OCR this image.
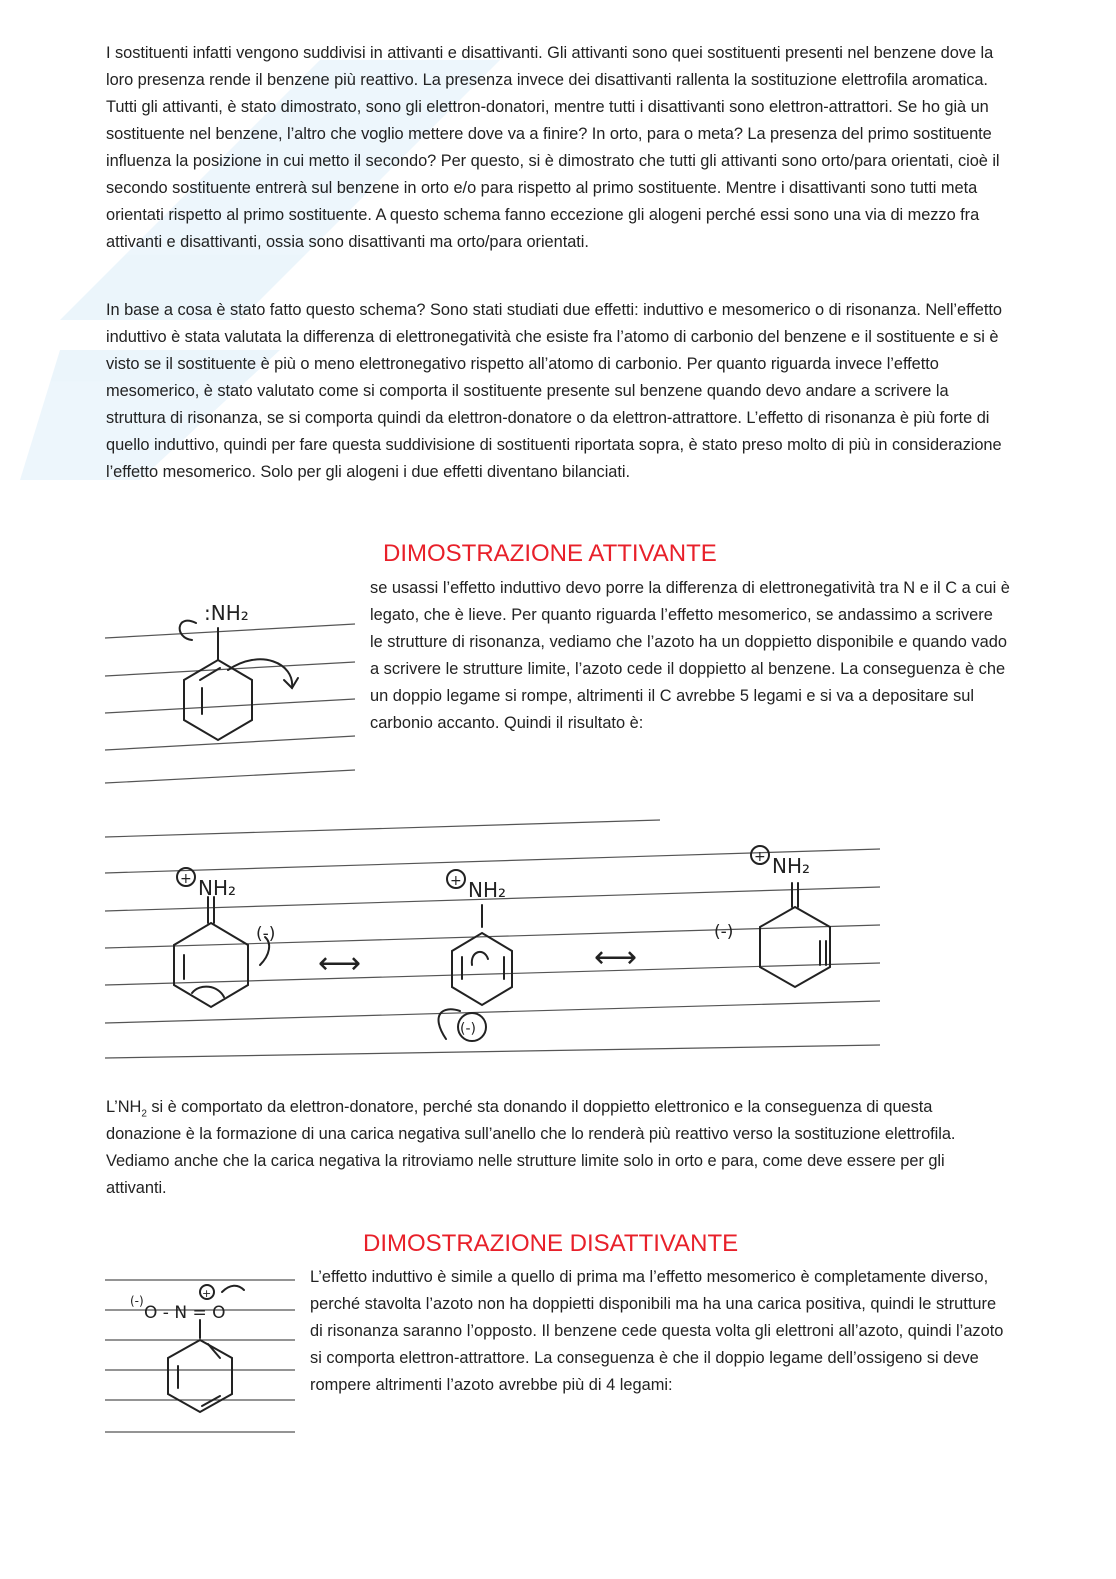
I sostituenti infatti vengono suddivisi in attivanti e disattivanti. Gli attivanti sono quei sostituenti presenti nel benzene dove la loro presenza rende il benzene più reattivo. La presenza invece dei disattivanti rallenta la sostituzione elettrofila aromatica. Tutti gli attivanti, è stato dimostrato, sono gli elettron-donatori, mentre tutti i disattivanti sono elettron-attrattori. Se ho già un sostituente nel benzene, l’altro che voglio mettere dove va a finire? In orto, para o meta? La presenza del primo sostituente influenza la posizione in cui metto il secondo? Per questo, si è dimostrato che tutti gli attivanti sono orto/para orientati, cioè il secondo sostituente entrerà sul benzene in orto e/o para rispetto al primo sostituente. Mentre i disattivanti sono tutti meta orientati rispetto al primo sostituente. A questo schema fanno eccezione gli alogeni perché essi sono una via di mezzo fra attivanti e disattivanti, ossia sono disattivanti ma orto/para orientati.

In base a cosa è stato fatto questo schema? Sono stati studiati due effetti: induttivo e mesomerico o di risonanza. Nell’effetto induttivo è stata valutata la differenza di elettronegatività che esiste fra l’atomo di carbonio del benzene e il sostituente e si è visto se il sostituente è più o meno elettronegativo rispetto all’atomo di carbonio. Per quanto riguarda invece l’effetto mesomerico, è stato valutato come si comporta il sostituente presente sul benzene quando devo andare a scrivere la struttura di risonanza, se si comporta quindi da elettron-donatore o da elettron-attrattore. L’effetto di risonanza è più forte di quello induttivo, quindi per fare questa suddivisione di sostituenti riportata sopra, è stato preso molto di più in considerazione l’effetto mesomerico. Solo per gli alogeni i due effetti diventano bilanciati.

DIMOSTRAZIONE ATTIVANTE

se usassi l’effetto induttivo devo porre la differenza di elettronegatività tra N e il C a cui è legato, che è lieve. Per quanto riguarda l’effetto mesomerico, se andassimo a scrivere le strutture di risonanza, vediamo che l’azoto ha un doppietto disponibile e quando vado a scrivere le strutture limite, l’azoto cede il doppietto al benzene. La conseguenza è che un doppio legame si rompe, altrimenti il C avrebbe 5 legami e si va a depositare sul carbonio accanto. Quindi il risultato è:

:NH₂
+ NH₂
(-)
⟷
+ NH₂
(-)
⟷
+ NH₂
(-)

$L’NH_2$ si è comportato da elettron-donatore, perché sta donando il doppietto elettronico e la conseguenza di questa donazione è la formazione di una carica negativa sull’anello che lo renderà più reattivo verso la sostituzione elettrofila. Vediamo anche che la carica negativa la ritroviamo nelle strutture limite solo in orto e para, come deve essere per gli attivanti.

DIMOSTRAZIONE DISATTIVANTE

L’effetto induttivo è simile a quello di prima ma l’effetto mesomerico è completamente diverso, perché stavolta l’azoto non ha doppietti disponibili ma ha una carica positiva, quindi le strutture di risonanza saranno l’opposto. Il benzene cede questa volta gli elettroni all’azoto, quindi l’azoto si comporta elettron-attrattore. La conseguenza è che il doppio legame dell’ossigeno si deve rompere altrimenti l’azoto avrebbe più di 4 legami:

(-)
+
O - N = O
